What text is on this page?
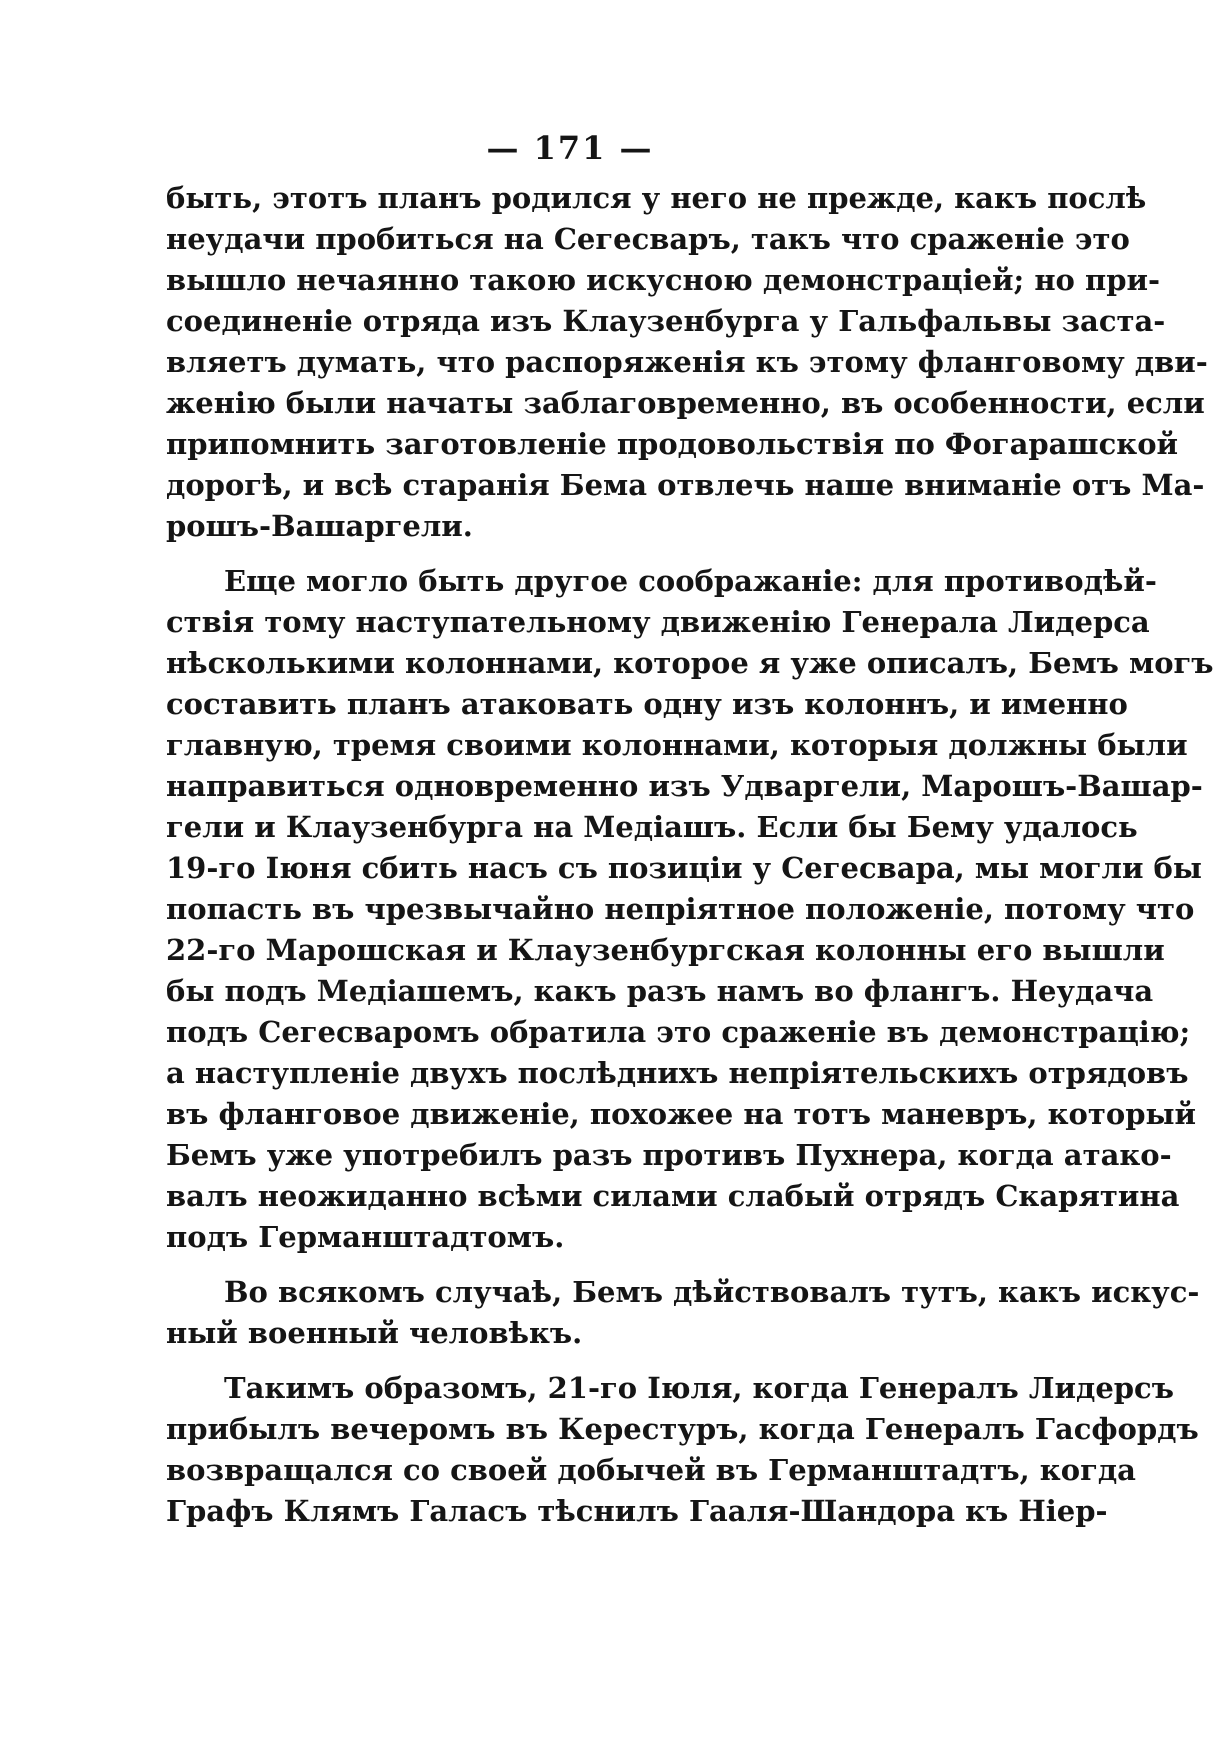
— 171 —
быть, этотъ планъ родился у него не прежде, какъ послѣ
неудачи пробиться на Сегесваръ, такъ что сраженіе это
вышло нечаянно такою искусною демонстраціей; но при-
соединеніе отряда изъ Клаузенбурга у Гальфальвы заста-
вляетъ думать, что распоряженія къ этому фланговому дви-
женію были начаты заблаговременно, въ особенности, если
припомнить заготовленіе продовольствія по Фогарашской
дорогѣ, и всѣ старанія Бема отвлечь наше вниманіе отъ Ма-
рошъ-Вашаргели.
Еще могло быть другое соображаніе: для противодѣй-
ствія тому наступательному движенію Генерала Лидерса
нѣсколькими колоннами, которое я уже описалъ, Бемъ могъ
составить планъ атаковать одну изъ колоннъ, и именно
главную, тремя своими колоннами, которыя должны были
направиться одновременно изъ Удваргели, Марошъ-Вашар-
гели и Клаузенбурга на Медіашъ. Если бы Бему удалось
19-го Іюня сбить насъ съ позиціи у Сегесвара, мы могли бы
попасть въ чрезвычайно непріятное положеніе, потому что
22-го Марошская и Клаузенбургская колонны его вышли
бы подъ Медіашемъ, какъ разъ намъ во флангъ. Неудача
подъ Сегесваромъ обратила это сраженіе въ демонстрацію;
а наступленіе двухъ послѣднихъ непріятельскихъ отрядовъ
въ фланговое движеніе, похожее на тотъ маневръ, который
Бемъ уже употребилъ разъ противъ Пухнера, когда атако-
валъ неожиданно всѣми силами слабый отрядъ Скарятина
подъ Германштадтомъ.
Во всякомъ случаѣ, Бемъ дѣйствовалъ тутъ, какъ искус-
ный военный человѣкъ.
Такимъ образомъ, 21-го Іюля, когда Генералъ Лидерсъ
прибылъ вечеромъ въ Керестуръ, когда Генералъ Гасфордъ
возвращался со своей добычей въ Германштадтъ, когда
Графъ Клямъ Галасъ тѣснилъ Гааля-Шандора къ Ніер-
